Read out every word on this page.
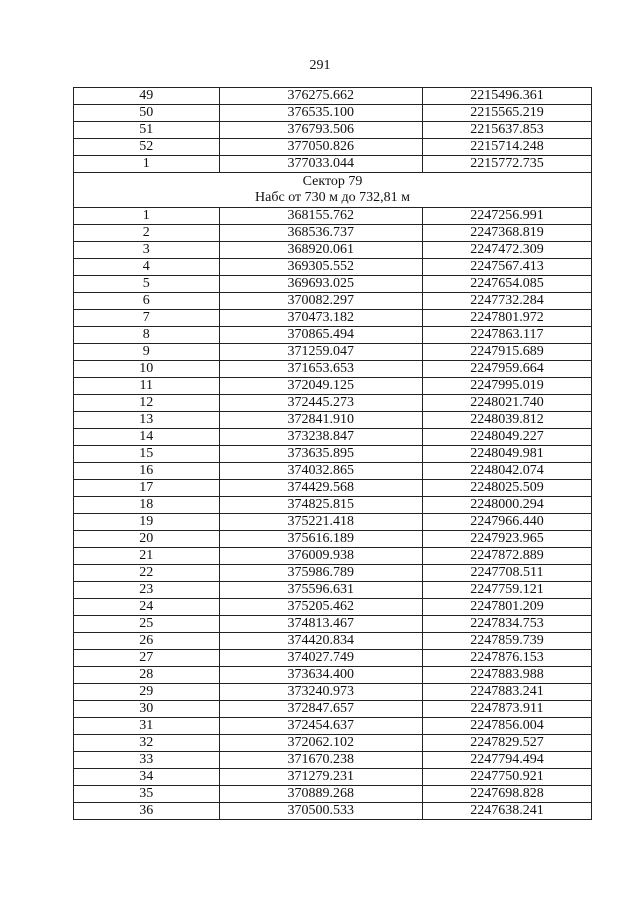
291
49	376275.662	2215496.361
50	376535.100	2215565.219
51	376793.506	2215637.853
52	377050.826	2215714.248
1	377033.044	2215772.735

Сектор 79
Набс от 730 м до 732,81 м		

1	368155.762	2247256.991
2	368536.737	2247368.819
3	368920.061	2247472.309
4	369305.552	2247567.413
5	369693.025	2247654.085
6	370082.297	2247732.284
7	370473.182	2247801.972
8	370865.494	2247863.117
9	371259.047	2247915.689
10	371653.653	2247959.664
11	372049.125	2247995.019
12	372445.273	2248021.740
13	372841.910	2248039.812
14	373238.847	2248049.227
15	373635.895	2248049.981
16	374032.865	2248042.074
17	374429.568	2248025.509
18	374825.815	2248000.294
19	375221.418	2247966.440
20	375616.189	2247923.965
21	376009.938	2247872.889
22	375986.789	2247708.511
23	375596.631	2247759.121
24	375205.462	2247801.209
25	374813.467	2247834.753
26	374420.834	2247859.739
27	374027.749	2247876.153
28	373634.400	2247883.988
29	373240.973	2247883.241
30	372847.657	2247873.911
31	372454.637	2247856.004
32	372062.102	2247829.527
33	371670.238	2247794.494
34	371279.231	2247750.921
35	370889.268	2247698.828
36	370500.533	2247638.241
